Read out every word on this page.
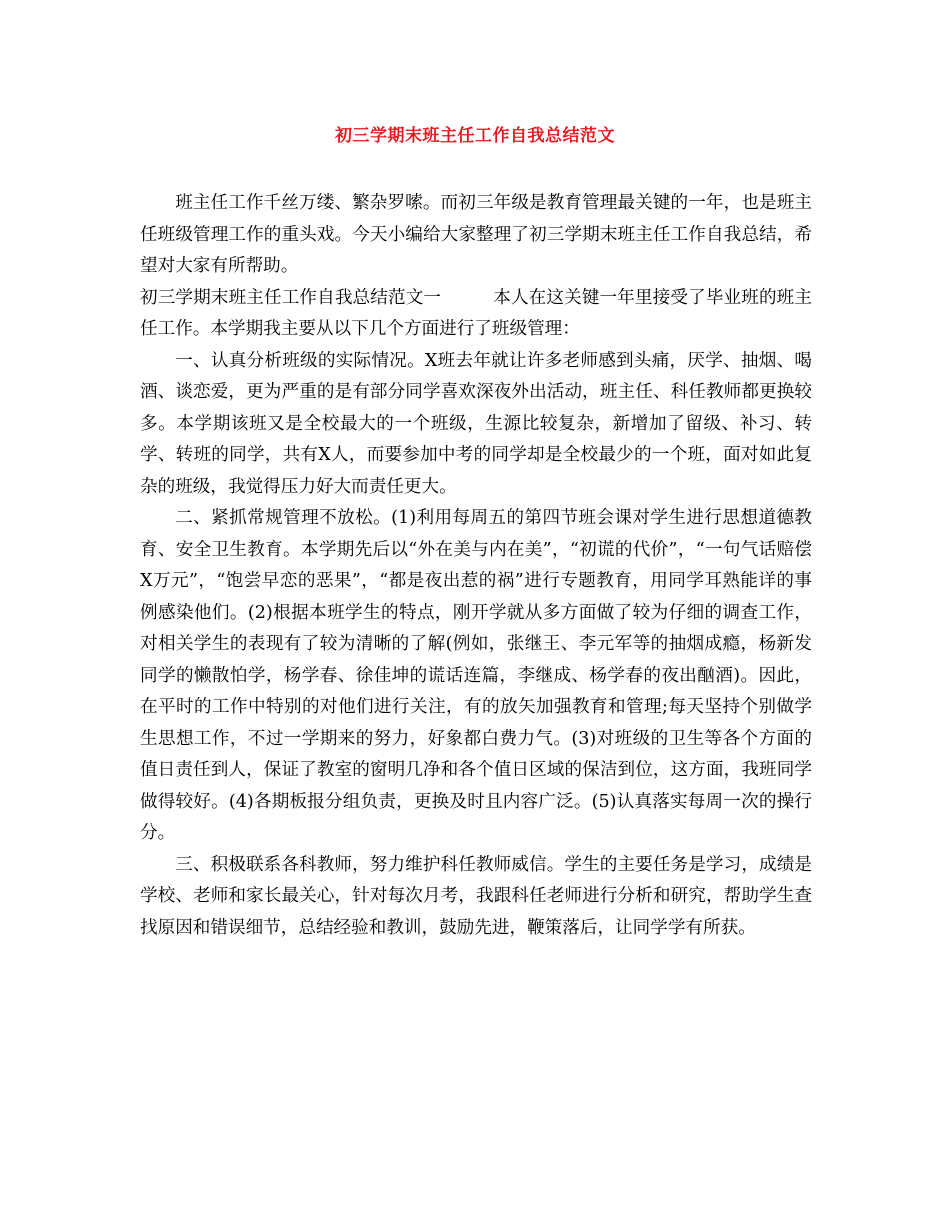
初三学期末班主任工作自我总结范文

班主任工作千丝万缕、繁杂罗嗦。而初三年级是教育管理最关键的一年，也是班主任班级管理工作的重头戏。今天小编给大家整理了初三学期末班主任工作自我总结，希望对大家有所帮助。

初三学期末班主任工作自我总结范文一	本人在这关键一年里接受了毕业班的班主任工作。本学期我主要从以下几个方面进行了班级管理：

一、认真分析班级的实际情况。X班去年就让许多老师感到头痛，厌学、抽烟、喝酒、谈恋爱，更为严重的是有部分同学喜欢深夜外出活动，班主任、科任教师都更换较多。本学期该班又是全校最大的一个班级，生源比较复杂，新增加了留级、补习、转学、转班的同学，共有X人，而要参加中考的同学却是全校最少的一个班，面对如此复杂的班级，我觉得压力好大而责任更大。

二、紧抓常规管理不放松。(1)利用每周五的第四节班会课对学生进行思想道德教育、安全卫生教育。本学期先后以“外在美与内在美”，“初谎的代价”，“一句气话赔偿X万元”，“饱尝早恋的恶果”，“都是夜出惹的祸”进行专题教育，用同学耳熟能详的事例感染他们。(2)根据本班学生的特点，刚开学就从多方面做了较为仔细的调查工作，对相关学生的表现有了较为清晰的了解(例如，张继王、李元军等的抽烟成瘾，杨新发同学的懒散怕学，杨学春、徐佳坤的谎话连篇，李继成、杨学春的夜出酗酒)。因此，在平时的工作中特别的对他们进行关注，有的放矢加强教育和管理;每天坚持个别做学生思想工作，不过一学期来的努力，好象都白费力气。(3)对班级的卫生等各个方面的值日责任到人，保证了教室的窗明几净和各个值日区域的保洁到位，这方面，我班同学做得较好。(4)各期板报分组负责，更换及时且内容广泛。(5)认真落实每周一次的操行分。

三、积极联系各科教师，努力维护科任教师威信。学生的主要任务是学习，成绩是学校、老师和家长最关心，针对每次月考，我跟科任老师进行分析和研究，帮助学生查找原因和错误细节，总结经验和教训，鼓励先进，鞭策落后，让同学学有所获。
